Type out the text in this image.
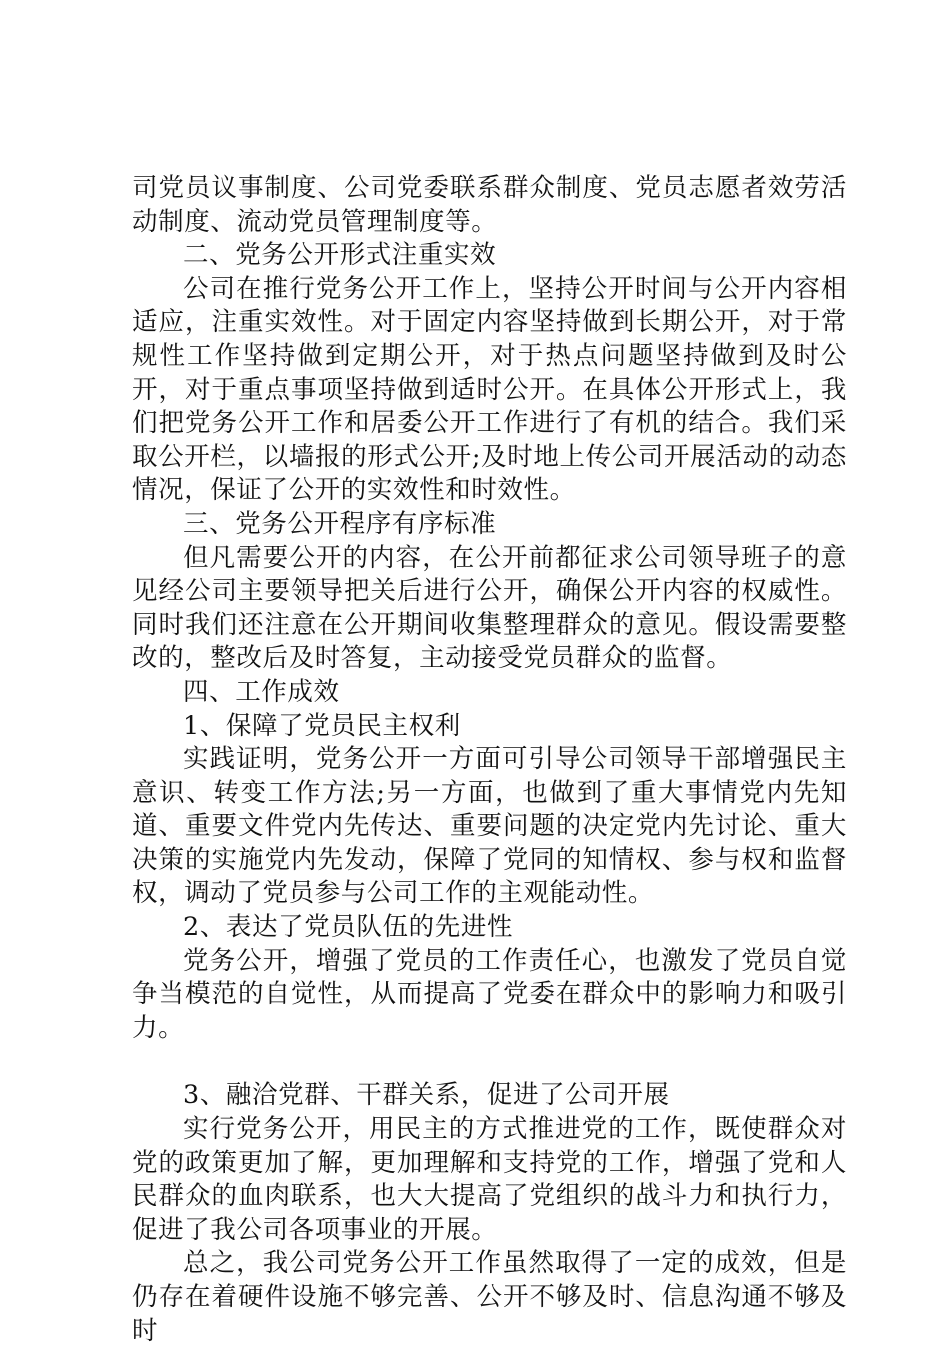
司党员议事制度、公司党委联系群众制度、党员志愿者效劳活动制度、流动党员管理制度等。

二、党务公开形式注重实效

公司在推行党务公开工作上，坚持公开时间与公开内容相适应，注重实效性。对于固定内容坚持做到长期公开，对于常规性工作坚持做到定期公开，对于热点问题坚持做到及时公开，对于重点事项坚持做到适时公开。在具体公开形式上，我们把党务公开工作和居委公开工作进行了有机的结合。我们采取公开栏，以墙报的形式公开;及时地上传公司开展活动的动态情况，保证了公开的实效性和时效性。

三、党务公开程序有序标准

但凡需要公开的内容，在公开前都征求公司领导班子的意见经公司主要领导把关后进行公开，确保公开内容的权威性。同时我们还注意在公开期间收集整理群众的意见。假设需要整改的，整改后及时答复，主动接受党员群众的监督。

四、工作成效

1、保障了党员民主权利

实践证明，党务公开一方面可引导公司领导干部增强民主意识、转变工作方法;另一方面，也做到了重大事情党内先知道、重要文件党内先传达、重要问题的决定党内先讨论、重大决策的实施党内先发动，保障了党同的知情权、参与权和监督权，调动了党员参与公司工作的主观能动性。

2、表达了党员队伍的先进性

党务公开，增强了党员的工作责任心，也激发了党员自觉争当模范的自觉性，从而提高了党委在群众中的影响力和吸引力。

3、融洽党群、干群关系，促进了公司开展

实行党务公开，用民主的方式推进党的工作，既使群众对党的政策更加了解，更加理解和支持党的工作，增强了党和人民群众的血肉联系，也大大提高了党组织的战斗力和执行力，促进了我公司各项事业的开展。

总之，我公司党务公开工作虽然取得了一定的成效，但是仍存在着硬件设施不够完善、公开不够及时、信息沟通不够及时
